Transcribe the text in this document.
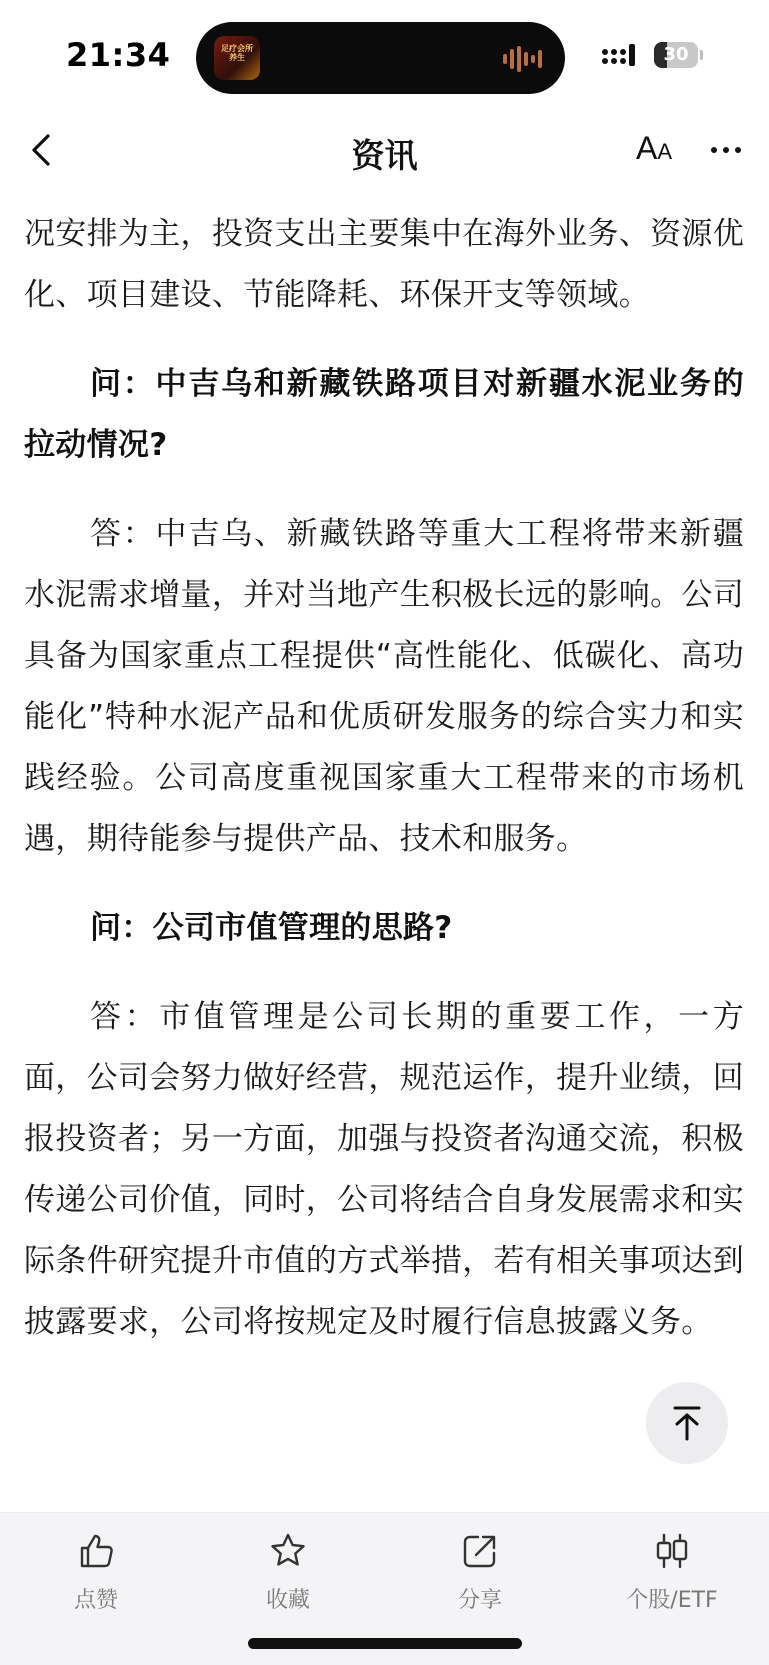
21:34	足疗会所 养生	30
资讯	AA

况安排为主，投资支出主要集中在海外业务、资源优化、项目建设、节能降耗、环保开支等领域。

问：中吉乌和新藏铁路项目对新疆水泥业务的拉动情况?

答：中吉乌、新藏铁路等重大工程将带来新疆水泥需求增量，并对当地产生积极长远的影响。公司具备为国家重点工程提供“高性能化、低碳化、高功能化”特种水泥产品和优质研发服务的综合实力和实践经验。公司高度重视国家重大工程带来的市场机遇，期待能参与提供产品、技术和服务。

问：公司市值管理的思路?

答：市值管理是公司长期的重要工作，一方面，公司会努力做好经营，规范运作，提升业绩，回报投资者；另一方面，加强与投资者沟通交流，积极传递公司价值，同时，公司将结合自身发展需求和实际条件研究提升市值的方式举措，若有相关事项达到披露要求，公司将按规定及时履行信息披露义务。

点赞	收藏	分享	个股/ETF
